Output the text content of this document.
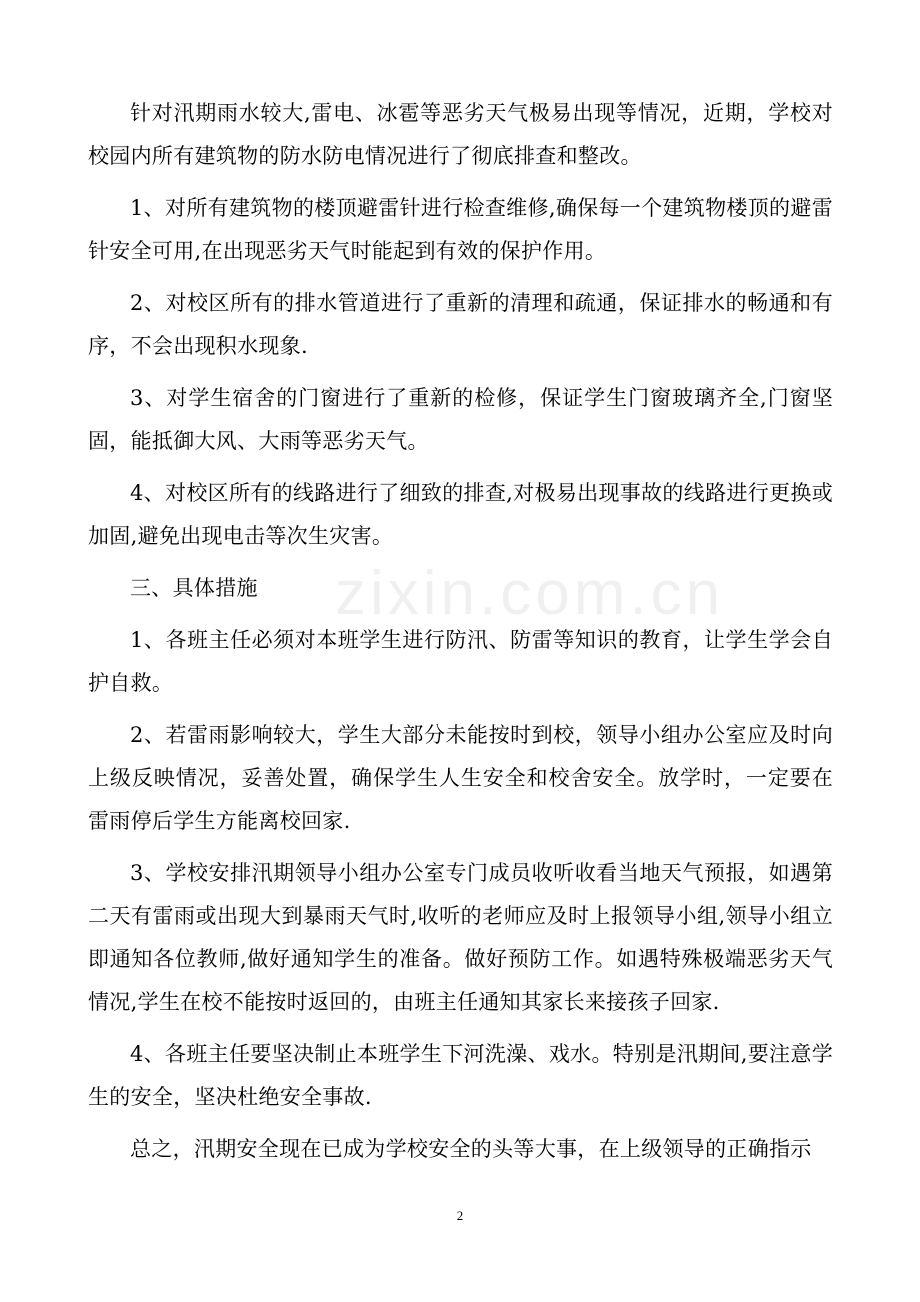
针对汛期雨水较大,雷电、冰雹等恶劣天气极易出现等情况，近期，学校对校园内所有建筑物的防水防电情况进行了彻底排查和整改。

1、对所有建筑物的楼顶避雷针进行检查维修,确保每一个建筑物楼顶的避雷针安全可用,在出现恶劣天气时能起到有效的保护作用。

2、对校区所有的排水管道进行了重新的清理和疏通，保证排水的畅通和有序，不会出现积水现象.

3、对学生宿舍的门窗进行了重新的检修，保证学生门窗玻璃齐全,门窗坚固，能抵御大风、大雨等恶劣天气。

4、对校区所有的线路进行了细致的排查,对极易出现事故的线路进行更换或加固,避免出现电击等次生灾害。

三、具体措施

1、各班主任必须对本班学生进行防汛、防雷等知识的教育，让学生学会自护自救。

2、若雷雨影响较大，学生大部分未能按时到校，领导小组办公室应及时向上级反映情况，妥善处置，确保学生人生安全和校舍安全。放学时，一定要在雷雨停后学生方能离校回家.

3、学校安排汛期领导小组办公室专门成员收听收看当地天气预报，如遇第二天有雷雨或出现大到暴雨天气时,收听的老师应及时上报领导小组,领导小组立即通知各位教师,做好通知学生的准备。做好预防工作。如遇特殊极端恶劣天气情况,学生在校不能按时返回的，由班主任通知其家长来接孩子回家.

4、各班主任要坚决制止本班学生下河洗澡、戏水。特别是汛期间,要注意学生的安全，坚决杜绝安全事故.

总之，汛期安全现在已成为学校安全的头等大事，在上级领导的正确指示

zixin.com.cn
2
